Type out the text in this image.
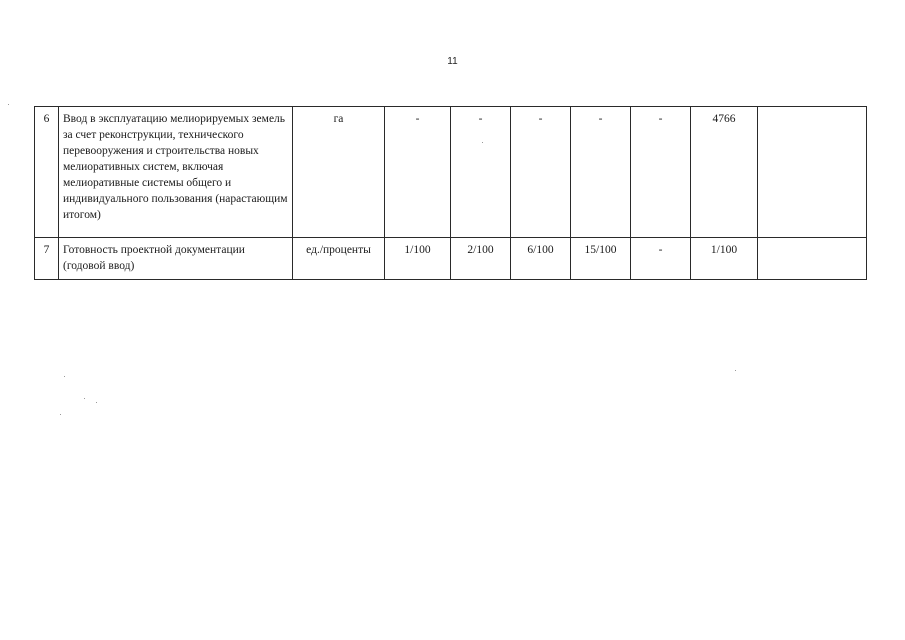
11
6	Ввод в эксплуатацию мелиорируемых земель за счет реконструкции, технического перевооружения и строительства новых мелиоративных систем, включая мелиоративные системы общего и индивидуального пользования (нарастающим итогом)	га	-	-	-	-	-	4766	
7	Готовность проектной документации (годовой ввод)	ед./проценты	1/100	2/100	6/100	15/100	-	1/100	
